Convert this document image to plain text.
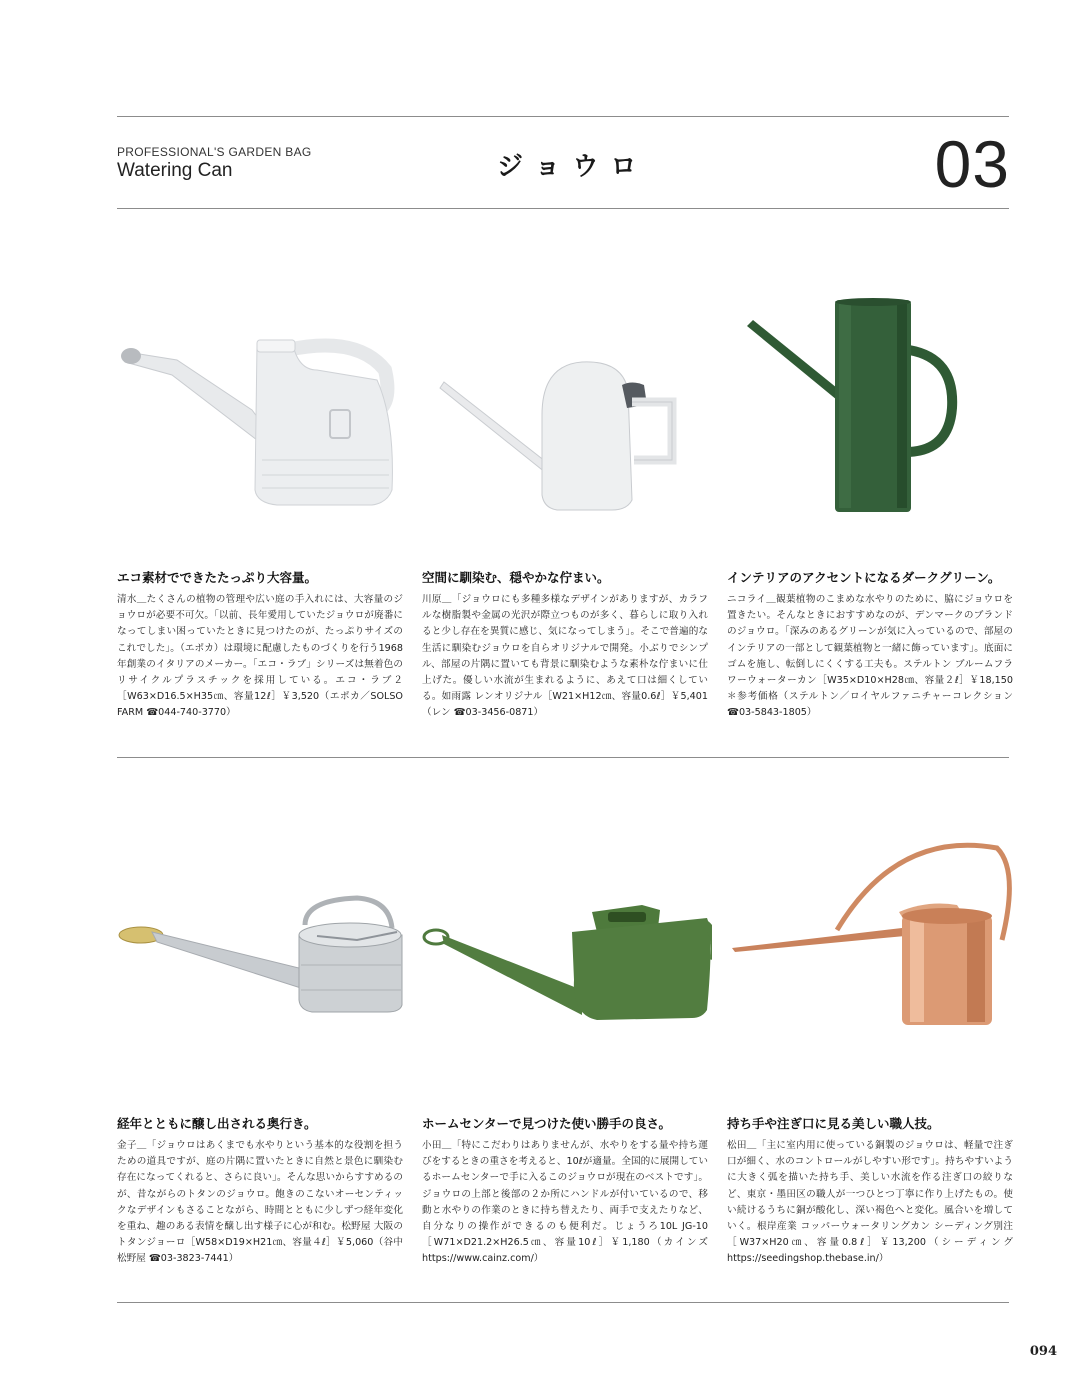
PROFESSIONAL'S GARDEN BAG
Watering Can	ジョウロ	03
エコ素材でできたたっぷり大容量。
清水＿たくさんの植物の管理や広い庭の手入れには、大容量のジョウロが必要不可欠。「以前、長年愛用していたジョウロが廃番になってしまい困っていたときに見つけたのが、たっぷりサイズのこれでした」。（エポカ）は環境に配慮したものづくりを行う1968年創業のイタリアのメーカー。「エコ・ラブ」シリーズは無着色のリサイクルプラスチックを採用している。エコ・ラブ２［W63×D16.5×H35㎝、容量12ℓ］￥3,520（エポカ／SOLSO FARM ☎044-740-3770）
空間に馴染む、穏やかな佇まい。
川原＿「ジョウロにも多種多様なデザインがありますが、カラフルな樹脂製や金属の光沢が際立つものが多く、暮らしに取り入れると少し存在を異質に感じ、気になってしまう」。そこで普遍的な生活に馴染むジョウロを自らオリジナルで開発。小ぶりでシンプル、部屋の片隅に置いても背景に馴染むような素朴な佇まいに仕上げた。優しい水流が生まれるように、あえて口は細くしている。如雨露 レンオリジナル［W21×H12㎝、容量0.6ℓ］￥5,401（レン ☎03-3456-0871）
インテリアのアクセントになるダークグリーン。
ニコライ＿観葉植物のこまめな水やりのために、脇にジョウロを置きたい。そんなときにおすすめなのが、デンマークのブランドのジョウロ。「深みのあるグリーンが気に入っているので、部屋のインテリアの一部として観葉植物と一緒に飾っています」。底面にゴムを施し、転倒しにくくする工夫も。ステルトン ブルームフラワーウォーターカン［W35×D10×H28㎝、容量２ℓ］￥18,150＊参考価格（ステルトン／ロイヤルファニチャーコレクション ☎03-5843-1805）
経年とともに醸し出される奥行き。
金子＿「ジョウロはあくまでも水やりという基本的な役割を担うための道具ですが、庭の片隅に置いたときに自然と景色に馴染む存在になってくれると、さらに良い」。そんな思いからすすめるのが、昔ながらのトタンのジョウロ。飽きのこないオーセンティックなデザインもさることながら、時間とともに少しずつ経年変化を重ね、趣のある表情を醸し出す様子に心が和む。松野屋 大阪のトタンジョーロ［W58×D19×H21㎝、容量４ℓ］￥5,060（谷中松野屋 ☎03-3823-7441）
ホームセンターで見つけた使い勝手の良さ。
小田＿「特にこだわりはありませんが、水やりをする量や持ち運びをするときの重さを考えると、10ℓが適量。全国的に展開しているホームセンターで手に入るこのジョウロが現在のベストです」。ジョウロの上部と後部の２か所にハンドルが付いているので、移動と水やりの作業のときに持ち替えたり、両手で支えたりなど、自分なりの操作ができるのも便利だ。じょうろ10L JG-10［W71×D21.2×H26.5㎝、容量10ℓ］￥1,180（カインズ https://www.cainz.com/）
持ち手や注ぎ口に見る美しい職人技。
松田＿「主に室内用に使っている銅製のジョウロは、軽量で注ぎ口が細く、水のコントロールがしやすい形です」。持ちやすいように大きく弧を描いた持ち手、美しい水流を作る注ぎ口の絞りなど、東京・墨田区の職人が一つひとつ丁寧に作り上げたもの。使い続けるうちに銅が酸化し、深い褐色へと変化。風合いを増していく。根岸産業 コッパーウォータリングカン シーディング別注［W37×H20㎝、容量0.8ℓ］￥13,200（シーディング https://seedingshop.thebase.in/）
094
